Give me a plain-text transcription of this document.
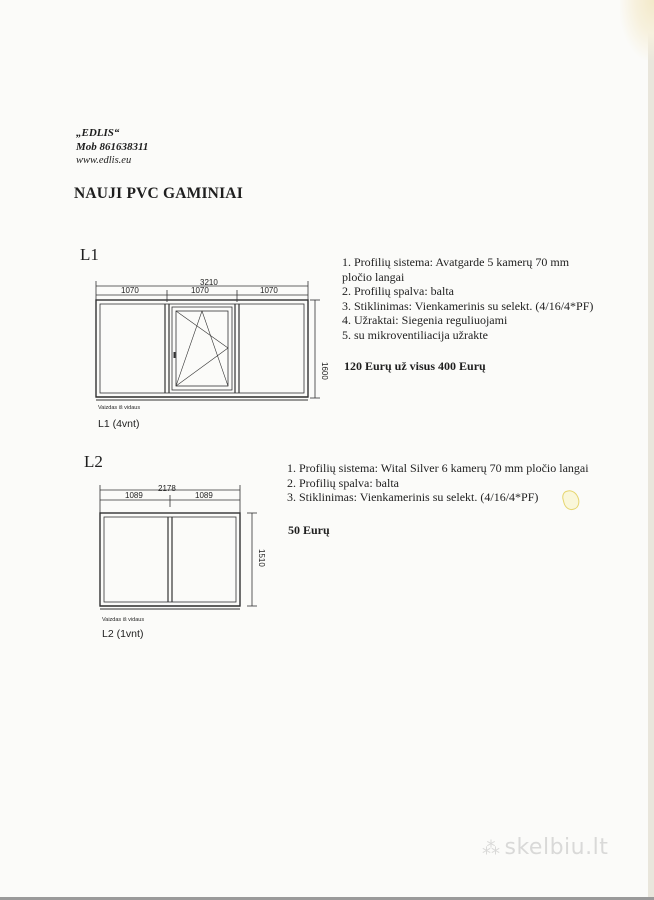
„EDLIS“
Mob 861638311
www.edlis.eu
NAUJI PVC GAMINIAI
L1
3210
1070	1070	1070
1600
Vaizdas iš vidaus
L1 (4vnt)
1. Profilių sistema: Avatgarde 5 kamerų 70 mm
pločio langai
2. Profilių spalva: balta
3. Stiklinimas: Vienkamerinis su selekt. (4/16/4*PF)
4. Užraktai: Siegenia reguliuojami
5. su mikroventiliacija užrakte
120 Eurų už visus 400 Eurų
L2
2178
1089	1089
1510
Vaizdas iš vidaus
L2 (1vnt)
1. Profilių sistema: Wital Silver 6 kamerų 70 mm pločio langai
2. Profilių spalva: balta
3. Stiklinimas: Vienkamerinis su selekt. (4/16/4*PF)
50 Eurų
⁂ skelbiu.lt
